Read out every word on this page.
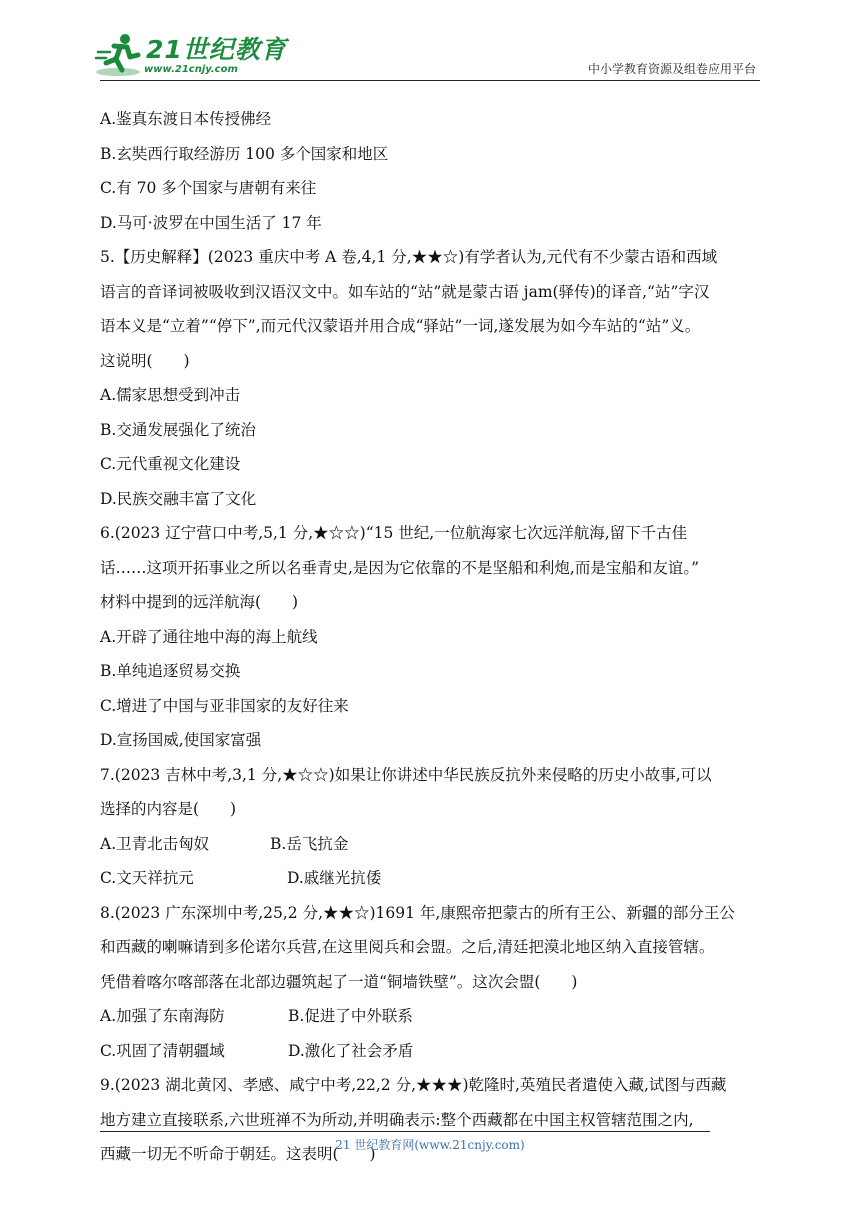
21世纪教育
www.21cnjy.com	中小学教育资源及组卷应用平台
A.鉴真东渡日本传授佛经
B.玄奘西行取经游历 100 多个国家和地区
C.有 70 多个国家与唐朝有来往
D.马可·波罗在中国生活了 17 年
5.【历史解释】(2023 重庆中考 A 卷,4,1 分,★★☆)有学者认为,元代有不少蒙古语和西域
语言的音译词被吸收到汉语汉文中。如车站的“站”就是蒙古语 jam(驿传)的译音,“站”字汉
语本义是“立着”“停下”,而元代汉蒙语并用合成“驿站”一词,遂发展为如今车站的“站”义。
这说明(　　)
A.儒家思想受到冲击
B.交通发展强化了统治
C.元代重视文化建设
D.民族交融丰富了文化
6.(2023 辽宁营口中考,5,1 分,★☆☆)“15 世纪,一位航海家七次远洋航海,留下千古佳
话……这项开拓事业之所以名垂青史,是因为它依靠的不是坚船和利炮,而是宝船和友谊。”
材料中提到的远洋航海(　　)
A.开辟了通往地中海的海上航线
B.单纯追逐贸易交换
C.增进了中国与亚非国家的友好往来
D.宣扬国威,使国家富强
7.(2023 吉林中考,3,1 分,★☆☆)如果让你讲述中华民族反抗外来侵略的历史小故事,可以
选择的内容是(　　)
A.卫青北击匈奴	B.岳飞抗金
C.文天祥抗元	D.戚继光抗倭
8.(2023 广东深圳中考,25,2 分,★★☆)1691 年,康熙帝把蒙古的所有王公、新疆的部分王公
和西藏的喇嘛请到多伦诺尔兵营,在这里阅兵和会盟。之后,清廷把漠北地区纳入直接管辖。
凭借着喀尔喀部落在北部边疆筑起了一道“铜墙铁壁”。这次会盟(　　)
A.加强了东南海防	B.促进了中外联系
C.巩固了清朝疆域	D.激化了社会矛盾
9.(2023 湖北黄冈、孝感、咸宁中考,22,2 分,★★★)乾隆时,英殖民者遣使入藏,试图与西藏
地方建立直接联系,六世班禅不为所动,并明确表示:整个西藏都在中国主权管辖范围之内,
西藏一切无不听命于朝廷。这表明(　　)
21 世纪教育网(www.21cnjy.com)
